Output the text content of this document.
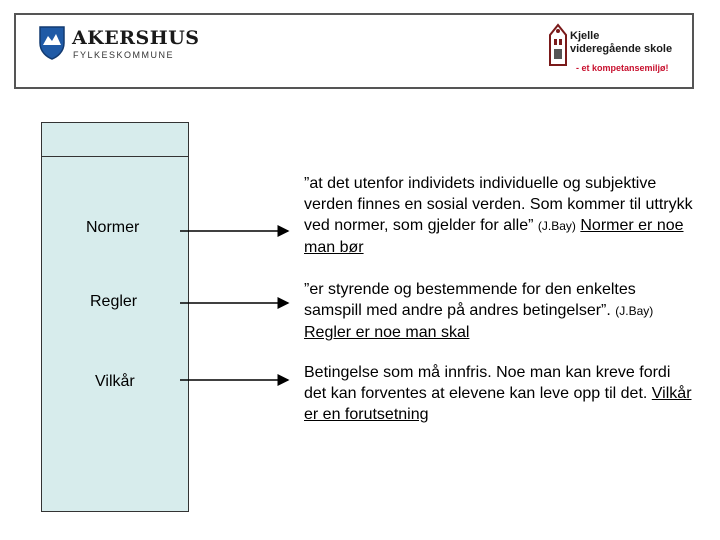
AKERSHUS
FYLKESKOMMUNE
Kjelle
videregående skole
- et kompetansemiljø!
Normer
Regler
Vilkår
”at det utenfor individets individuelle og subjektive verden finnes en sosial verden. Som kommer til uttrykk ved normer, som gjelder for alle” (J.Bay) Normer er noe man bør
”er styrende og bestemmende for den enkeltes samspill med andre på andres betingelser”. (J.Bay) Regler er noe man skal
Betingelse som må innfris. Noe man kan kreve fordi det kan forventes at elevene kan leve opp til det. Vilkår er en forutsetning
